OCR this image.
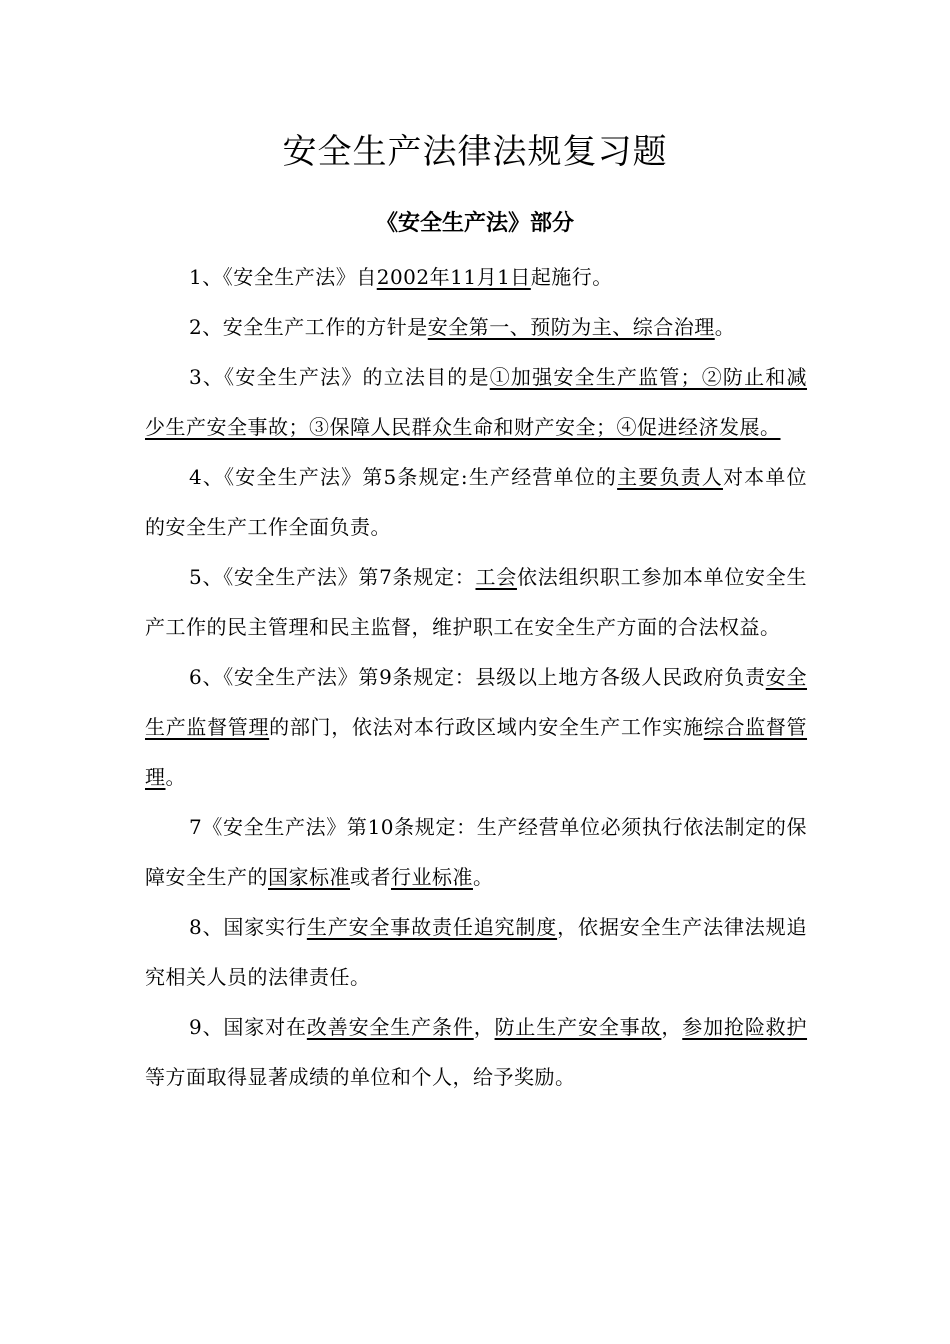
安全生产法律法规复习题
《安全生产法》部分

1、《安全生产法》自2002年11月1日起施行。

2、安全生产工作的方针是安全第一、预防为主、综合治理。

3、《安全生产法》的立法目的是①加强安全生产监管；②防止和减少生产安全事故；③保障人民群众生命和财产安全；④促进经济发展。

4、《安全生产法》第5条规定:生产经营单位的主要负责人对本单位的安全生产工作全面负责。

5、《安全生产法》第7条规定：工会依法组织职工参加本单位安全生产工作的民主管理和民主监督，维护职工在安全生产方面的合法权益。

6、《安全生产法》第9条规定：县级以上地方各级人民政府负责安全生产监督管理的部门，依法对本行政区域内安全生产工作实施综合监督管理。

7《安全生产法》第10条规定：生产经营单位必须执行依法制定的保障安全生产的国家标准或者行业标准。

8、国家实行生产安全事故责任追究制度，依据安全生产法律法规追究相关人员的法律责任。

9、国家对在改善安全生产条件，防止生产安全事故，参加抢险救护等方面取得显著成绩的单位和个人，给予奖励。
